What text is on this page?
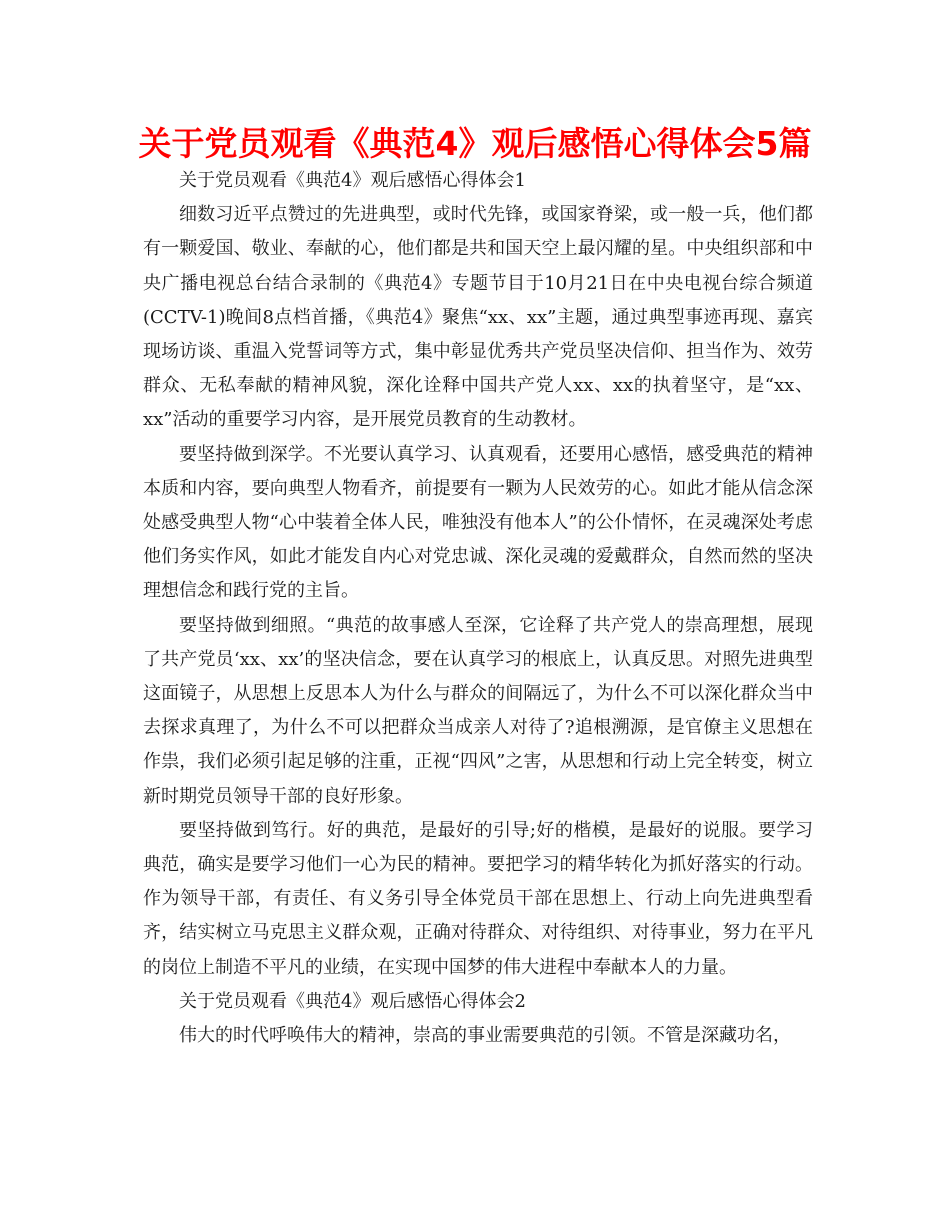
关于党员观看《典范4》观后感悟心得体会5篇

关于党员观看《典范4》观后感悟心得体会1

细数习近平点赞过的先进典型，或时代先锋，或国家脊梁，或一般一兵，他们都有一颗爱国、敬业、奉献的心，他们都是共和国天空上最闪耀的星。中央组织部和中央广播电视总台结合录制的《典范4》专题节目于10月21日在中央电视台综合频道(CCTV-1)晚间8点档首播，《典范4》聚焦“xx、xx”主题，通过典型事迹再现、嘉宾现场访谈、重温入党誓词等方式，集中彰显优秀共产党员坚决信仰、担当作为、效劳群众、无私奉献的精神风貌，深化诠释中国共产党人xx、xx的执着坚守，是“xx、xx”活动的重要学习内容，是开展党员教育的生动教材。

要坚持做到深学。不光要认真学习、认真观看，还要用心感悟，感受典范的精神本质和内容，要向典型人物看齐，前提要有一颗为人民效劳的心。如此才能从信念深处感受典型人物“心中装着全体人民，唯独没有他本人”的公仆情怀，在灵魂深处考虑他们务实作风，如此才能发自内心对党忠诚、深化灵魂的爱戴群众，自然而然的坚决理想信念和践行党的主旨。

要坚持做到细照。“典范的故事感人至深，它诠释了共产党人的崇高理想，展现了共产党员‘xx、xx’的坚决信念，要在认真学习的根底上，认真反思。对照先进典型这面镜子，从思想上反思本人为什么与群众的间隔远了，为什么不可以深化群众当中去探求真理了，为什么不可以把群众当成亲人对待了?追根溯源，是官僚主义思想在作祟，我们必须引起足够的注重，正视“四风”之害，从思想和行动上完全转变，树立新时期党员领导干部的良好形象。

要坚持做到笃行。好的典范，是最好的引导;好的楷模，是最好的说服。要学习典范，确实是要学习他们一心为民的精神。要把学习的精华转化为抓好落实的行动。作为领导干部，有责任、有义务引导全体党员干部在思想上、行动上向先进典型看齐，结实树立马克思主义群众观，正确对待群众、对待组织、对待事业，努力在平凡的岗位上制造不平凡的业绩，在实现中国梦的伟大进程中奉献本人的力量。

关于党员观看《典范4》观后感悟心得体会2

伟大的时代呼唤伟大的精神，崇高的事业需要典范的引领。不管是深藏功名，
